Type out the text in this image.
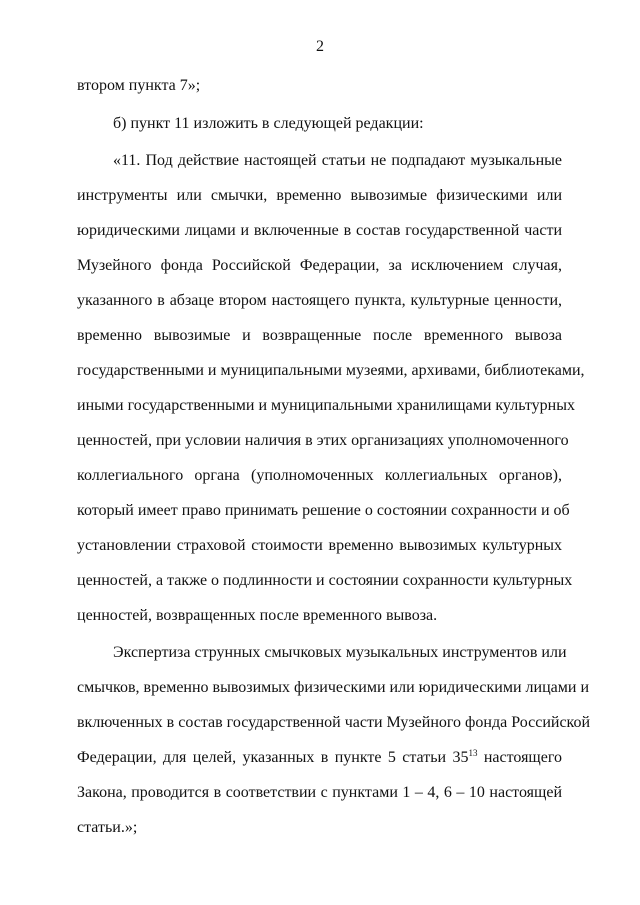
2
втором пункта 7»;
б) пункт 11 изложить в следующей редакции:
«11. Под действие настоящей статьи не подпадают музыкальные
инструменты или смычки, временно вывозимые физическими или
юридическими лицами и включенные в состав государственной части
Музейного фонда Российской Федерации, за исключением случая,
указанного в абзаце втором настоящего пункта, культурные ценности,
временно вывозимые и возвращенные после временного вывоза
государственными и муниципальными музеями, архивами, библиотеками,
иными государственными и муниципальными хранилищами культурных
ценностей, при условии наличия в этих организациях уполномоченного
коллегиального органа (уполномоченных коллегиальных органов),
который имеет право принимать решение о состоянии сохранности и об
установлении страховой стоимости временно вывозимых культурных
ценностей, а также о подлинности и состоянии сохранности культурных
ценностей, возвращенных после временного вывоза.
Экспертиза струнных смычковых музыкальных инструментов или
смычков, временно вывозимых физическими или юридическими лицами и
включенных в состав государственной части Музейного фонда Российской
Федерации, для целей, указанных в пункте 5 статьи $35^{13}$ настоящего
Закона, проводится в соответствии с пунктами 1 – 4, 6 – 10 настоящей
статьи.»;
